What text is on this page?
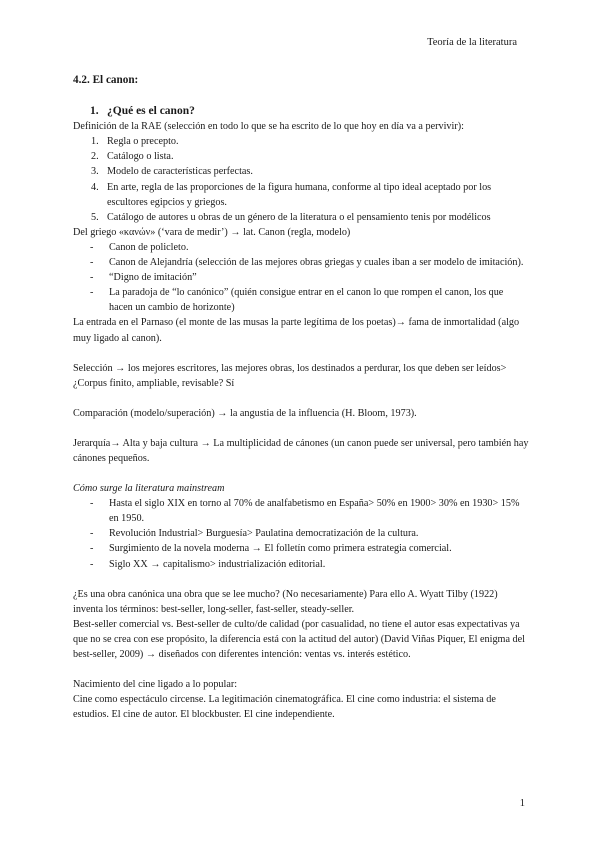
Teoría de la literatura

4.2. El canon:

1. ¿Qué es el canon?

Definición de la RAE (selección en todo lo que se ha escrito de lo que hoy en día va a pervivir):

1. Regla o precepto.
2. Catálogo o lista.
3. Modelo de características perfectas.
4. En arte, regla de las proporciones de la figura humana, conforme al tipo ideal aceptado por los escultores egipcios y griegos.
5. Catálogo de autores u obras de un género de la literatura o el pensamiento tenis por modélicos

Del griego «κανών» (‘vara de medir’) → lat. Canon (regla, modelo)

- Canon de policleto.
- Canon de Alejandría (selección de las mejores obras griegas y cuales iban a ser modelo de imitación).
- “Digno de imitación”
- La paradoja de “lo canónico” (quién consigue entrar en el canon lo que rompen el canon, los que hacen un cambio de horizonte)

La entrada en el Parnaso (el monte de las musas la parte legítima de los poetas)→ fama de inmortalidad (algo muy ligado al canon).

Selección → los mejores escritores, las mejores obras, los destinados a perdurar, los que deben ser leídos> ¿Corpus finito, ampliable, revisable? Sí

Comparación (modelo/superación) → la angustia de la influencia (H. Bloom, 1973).

Jerarquía→ Alta y baja cultura → La multiplicidad de cánones (un canon puede ser universal, pero también hay cánones pequeños.

Cómo surge la literatura mainstream

- Hasta el siglo XIX en torno al 70% de analfabetismo en España> 50% en 1900> 30% en 1930> 15% en 1950.
- Revolución Industrial> Burguesía> Paulatina democratización de la cultura.
- Surgimiento de la novela moderna → El folletín como primera estrategia comercial.
- Siglo XX → capitalismo> industrialización editorial.

¿Es una obra canónica una obra que se lee mucho? (No necesariamente) Para ello A. Wyatt Tilby (1922) inventa los términos: best-seller, long-seller, fast-seller, steady-seller.

Best-seller comercial vs. Best-seller de culto/de calidad (por casualidad, no tiene el autor esas expectativas ya que no se crea con ese propósito, la diferencia está con la actitud del autor) (David Viñas Piquer, El enigma del best-seller, 2009) → diseñados con diferentes intención: ventas vs. interés estético.

Nacimiento del cine ligado a lo popular:

Cine como espectáculo circense. La legitimación cinematográfica. El cine como industria: el sistema de estudios. El cine de autor. El blockbuster. El cine independiente.

1
